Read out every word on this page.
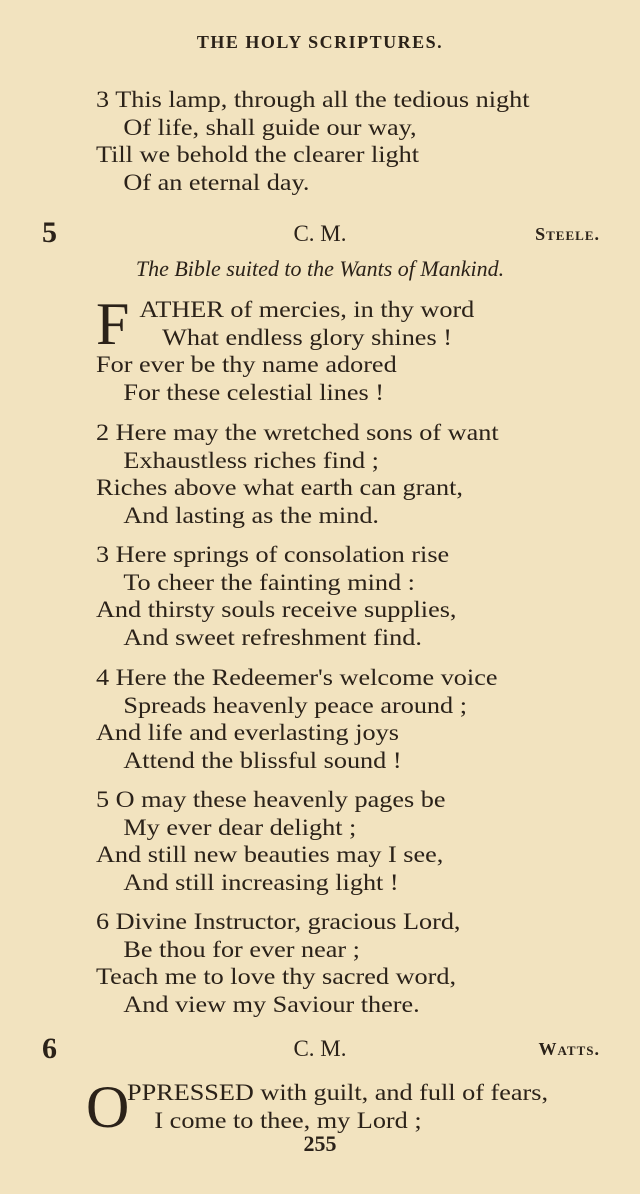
THE HOLY SCRIPTURES.
3 This lamp, through all the tedious night
Of life, shall guide our way,
Till we behold the clearer light
Of an eternal day.
5	C. M.	Steele.
The Bible suited to the Wants of Mankind.
F ATHER of mercies, in thy word
What endless glory shines !
For ever be thy name adored
For these celestial lines !
2 Here may the wretched sons of want
Exhaustless riches find ;
Riches above what earth can grant,
And lasting as the mind.
3 Here springs of consolation rise
To cheer the fainting mind :
And thirsty souls receive supplies,
And sweet refreshment find.
4 Here the Redeemer's welcome voice
Spreads heavenly peace around ;
And life and everlasting joys
Attend the blissful sound !
5 O may these heavenly pages be
My ever dear delight ;
And still new beauties may I see,
And still increasing light !
6 Divine Instructor, gracious Lord,
Be thou for ever near ;
Teach me to love thy sacred word,
And view my Saviour there.
6	C. M.	Watts.
O
PPRESSED with guilt, and full of fears,
I come to thee, my Lord ;
255
